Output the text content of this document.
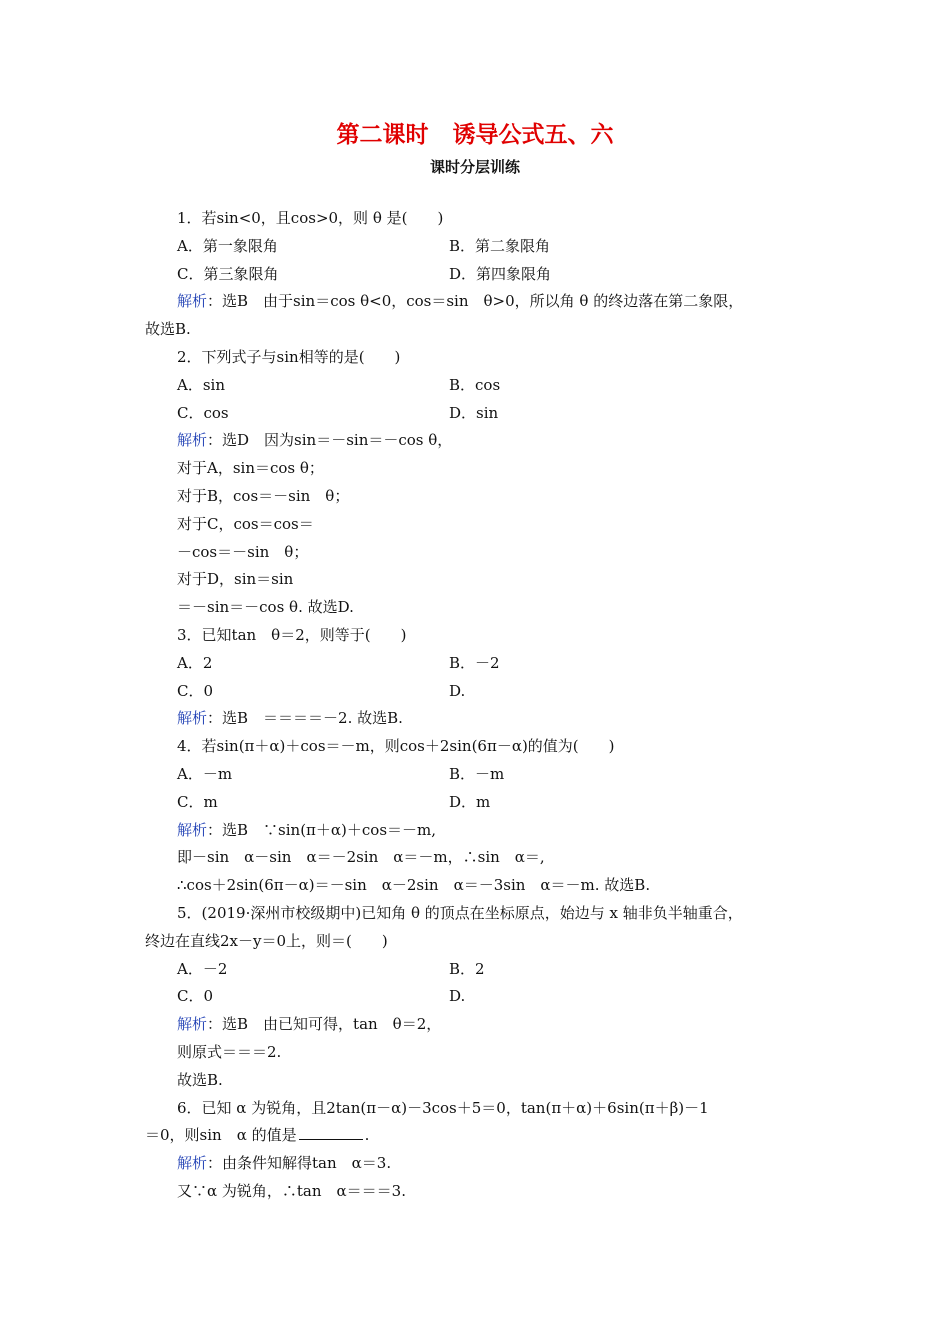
第二课时 诱导公式五、六
课时分层训练
1．若sin<0，且cos>0，则 θ 是(　　)
A．第一象限角	B．第二象限角
C．第三象限角	D．第四象限角
解析：选B　由于sin＝cos θ<0，cos＝sin　θ>0，所以角 θ 的终边落在第二象限，
故选B.
2．下列式子与sin相等的是(　　)
A．sin	B．cos
C．cos	D．sin
解析：选D　因为sin＝－sin＝－cos θ，
对于A，sin＝cos θ；
对于B，cos＝－sin　θ；
对于C，cos＝cos＝
－cos＝－sin　θ；
对于D，sin＝sin
＝－sin＝－cos θ. 故选D.
3．已知tan　θ＝2，则等于(　　)
A．2	B．－2
C．0	D.
解析：选B　＝＝＝＝－2. 故选B.
4．若sin(π＋α)＋cos＝－m，则cos＋2sin(6π－α)的值为(　　)
A．－m	B．－m
C．m	D．m
解析：选B　∵sin(π＋α)＋cos＝－m,
即－sin　α－sin　α＝－2sin　α＝－m，∴sin　α＝,
∴cos＋2sin(6π－α)＝－sin　α－2sin　α＝－3sin　α＝－m. 故选B.
5．(2019·深州市校级期中)已知角 θ 的顶点在坐标原点，始边与 x 轴非负半轴重合，
终边在直线2x－y＝0上，则＝(　　)
A．－2	B．2
C．0	D.
解析：选B　由已知可得，tan　θ＝2，
则原式＝＝＝2.
故选B.
6．已知 α 为锐角，且2tan(π－α)－3cos＋5＝0，tan(π＋α)＋6sin(π＋β)－1
＝0，则sin　α 的值是	.
解析：由条件知解得tan　α＝3.
又∵α 为锐角，∴tan　α＝＝＝3.
